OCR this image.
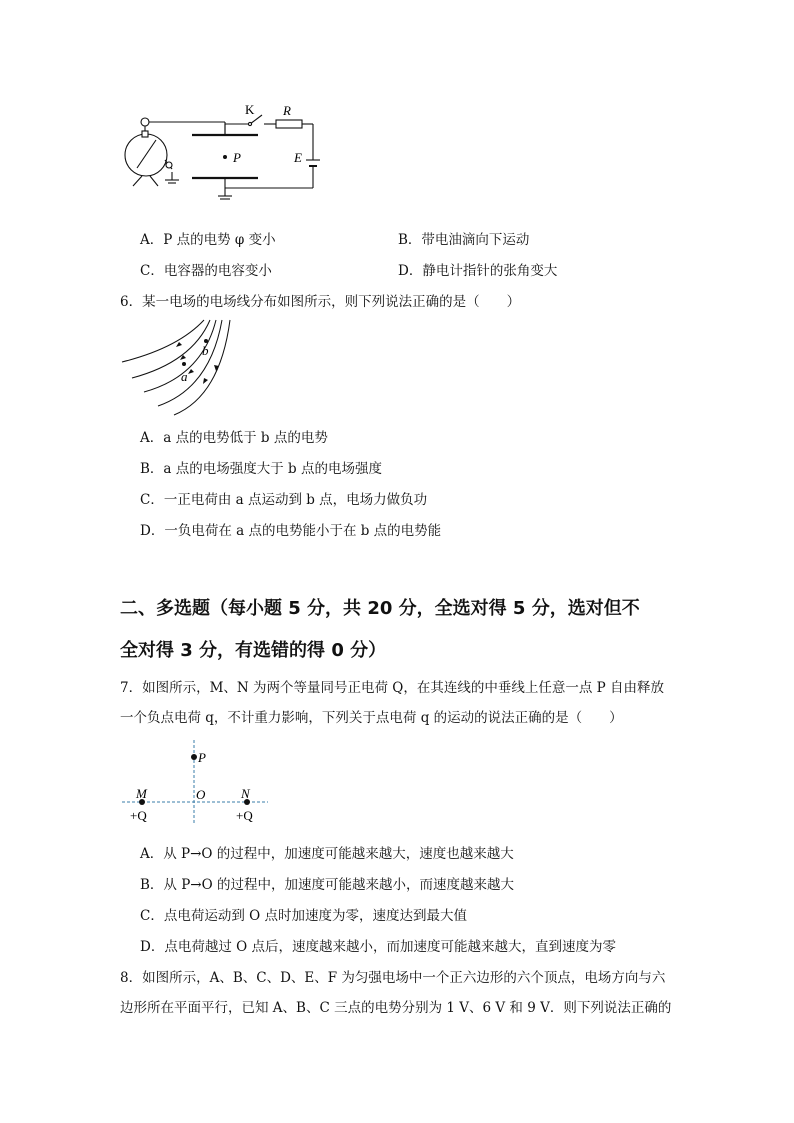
K R
P	E
A．P 点的电势 φ 变小	B．带电油滴向下运动
C．电容器的电容变小	D．静电计指针的张角变大
6．某一电场的电场线分布如图所示，则下列说法正确的是（　　）
a
b
A．a 点的电势低于 b 点的电势
B．a 点的电场强度大于 b 点的电场强度
C．一正电荷由 a 点运动到 b 点，电场力做负功
D．一负电荷在 a 点的电势能小于在 b 点的电势能
二、多选题（每小题 5 分，共 20 分，全选对得 5 分，选对但不
全对得 3 分，有选错的得 0 分）
7．如图所示，M、N 为两个等量同号正电荷 Q，在其连线的中垂线上任意一点 P 自由释放
一个负点电荷 q，不计重力影响，下列关于点电荷 q 的运动的说法正确的是（　　）
P
M	O	N
+Q	+Q
A．从 P→O 的过程中，加速度可能越来越大，速度也越来越大
B．从 P→O 的过程中，加速度可能越来越小，而速度越来越大
C．点电荷运动到 O 点时加速度为零，速度达到最大值
D．点电荷越过 O 点后，速度越来越小，而加速度可能越来越大，直到速度为零
8．如图所示，A、B、C、D、E、F 为匀强电场中一个正六边形的六个顶点，电场方向与六
边形所在平面平行，已知 A、B、C 三点的电势分别为 1 V、6 V 和 9 V．则下列说法正确的
